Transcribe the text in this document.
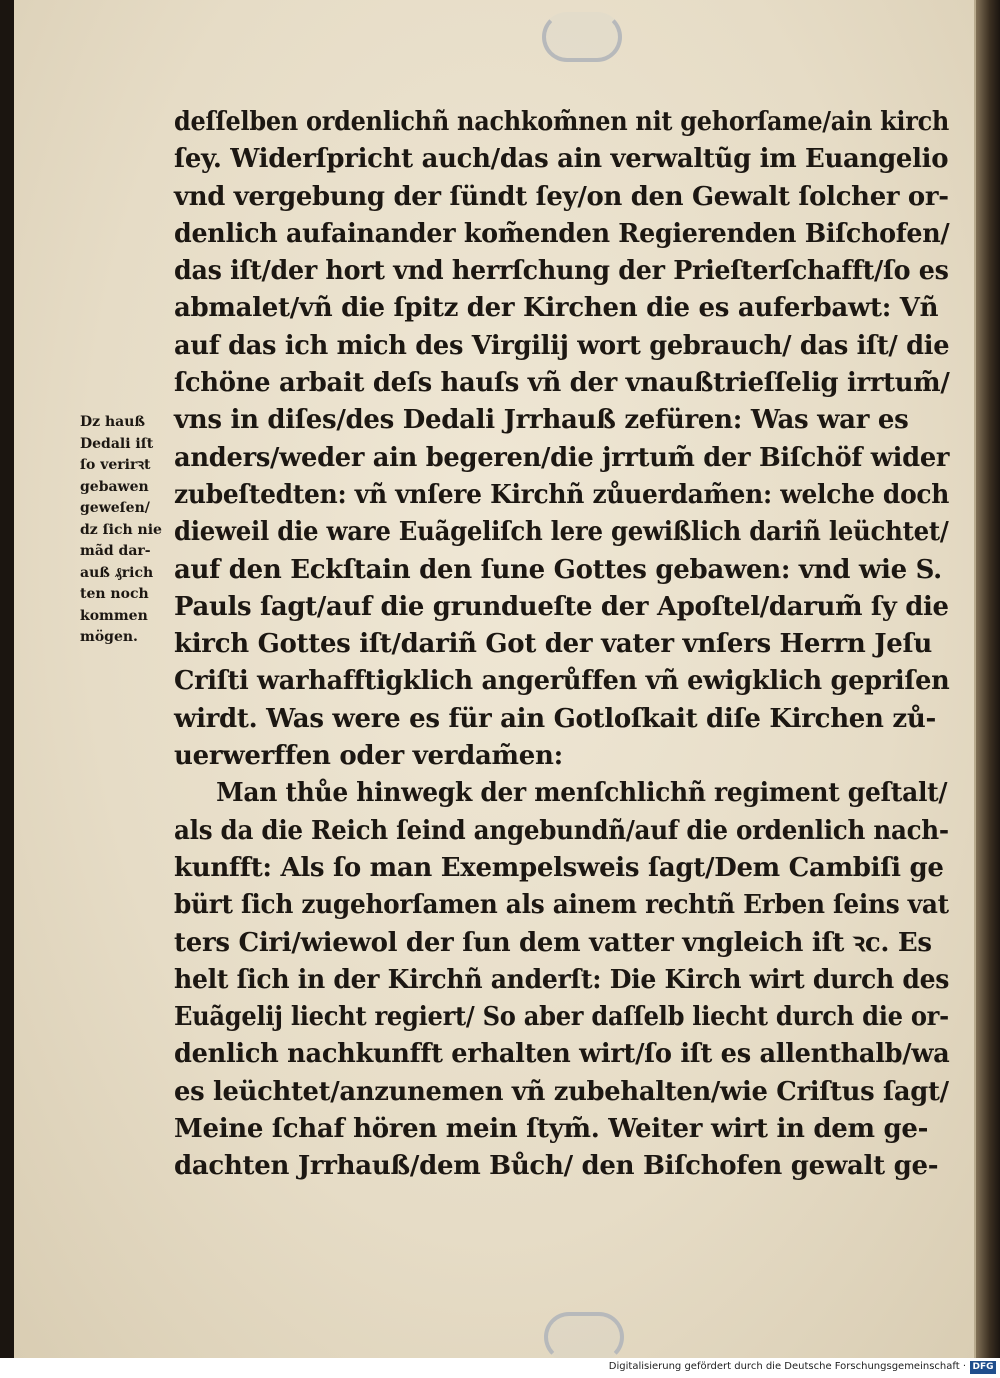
Dz hauß
Dedali iſt
ſo verirꝛt
gebawen
geweſen/
dz ſich nie
mãd dar-
auß ₰rich
ten noch
kommen
mögen.
deſſelben ordenlichñ nachkom̃nen nit gehorſame/ain kirch
ſey. Widerſpricht auch/das ain verwaltũg im Euangelio
vnd vergebung der ſündt ſey/on den Gewalt ſolcher or-
denlich aufainander kom̃enden Regierenden Biſchofen/
das iſt/der hort vnd herrſchung der Prieſterſchafft/ſo es
abmalet/vñ die ſpitz der Kirchen die es auferbawt: Vñ
auf das ich mich des Virgilij wort gebrauch/ das iſt/ die
ſchöne arbait deſs hauſs vñ der vnaußtrieſſelig irrtum̃/
vns in diſes/des Dedali Jrrhauß zefüren: Was war es
anders/weder ain begeren/die jrrtum̃ der Biſchöf wider
zubeſtedten: vñ vnſere Kirchñ zůuerdam̃en: welche doch
dieweil die ware Euãgeliſch lere gewißlich dariñ leüchtet/
auf den Eckſtain den ſune Gottes gebawen: vnd wie S.
Pauls ſagt/auf die grundueſte der Apoſtel/darum̃ ſy die
kirch Gottes iſt/dariñ Got der vater vnſers Herrn Jeſu
Criſti warhafftigklich angerůffen vñ ewigklich gepriſen
wirdt. Was were es für ain Gotloſkait diſe Kirchen zů-
uerwerffen oder verdam̃en:
Man thůe hinwegk der menſchlichñ regiment geſtalt/
als da die Reich ſeind angebundñ/auf die ordenlich nach-
kunfft: Als ſo man Exempelsweis ſagt/Dem Cambiſi ge
bürt ſich zugehorſamen als ainem rechtñ Erben ſeins vat
ters Ciri/wiewol der ſun dem vatter vngleich iſt ꝛc. Es
helt ſich in der Kirchñ anderſt: Die Kirch wirt durch des
Euãgelij liecht regiert/ So aber daſſelb liecht durch die or-
denlich nachkunfft erhalten wirt/ſo iſt es allenthalb/wa
es leüchtet/anzunemen vñ zubehalten/wie Criſtus ſagt/
Meine ſchaf hören mein ſtym̃. Weiter wirt in dem ge-
dachten Jrrhauß/dem Bůch/ den Biſchofen gewalt ge-
Digitalisierung gefördert durch die Deutsche Forschungsgemeinschaft · DFG
